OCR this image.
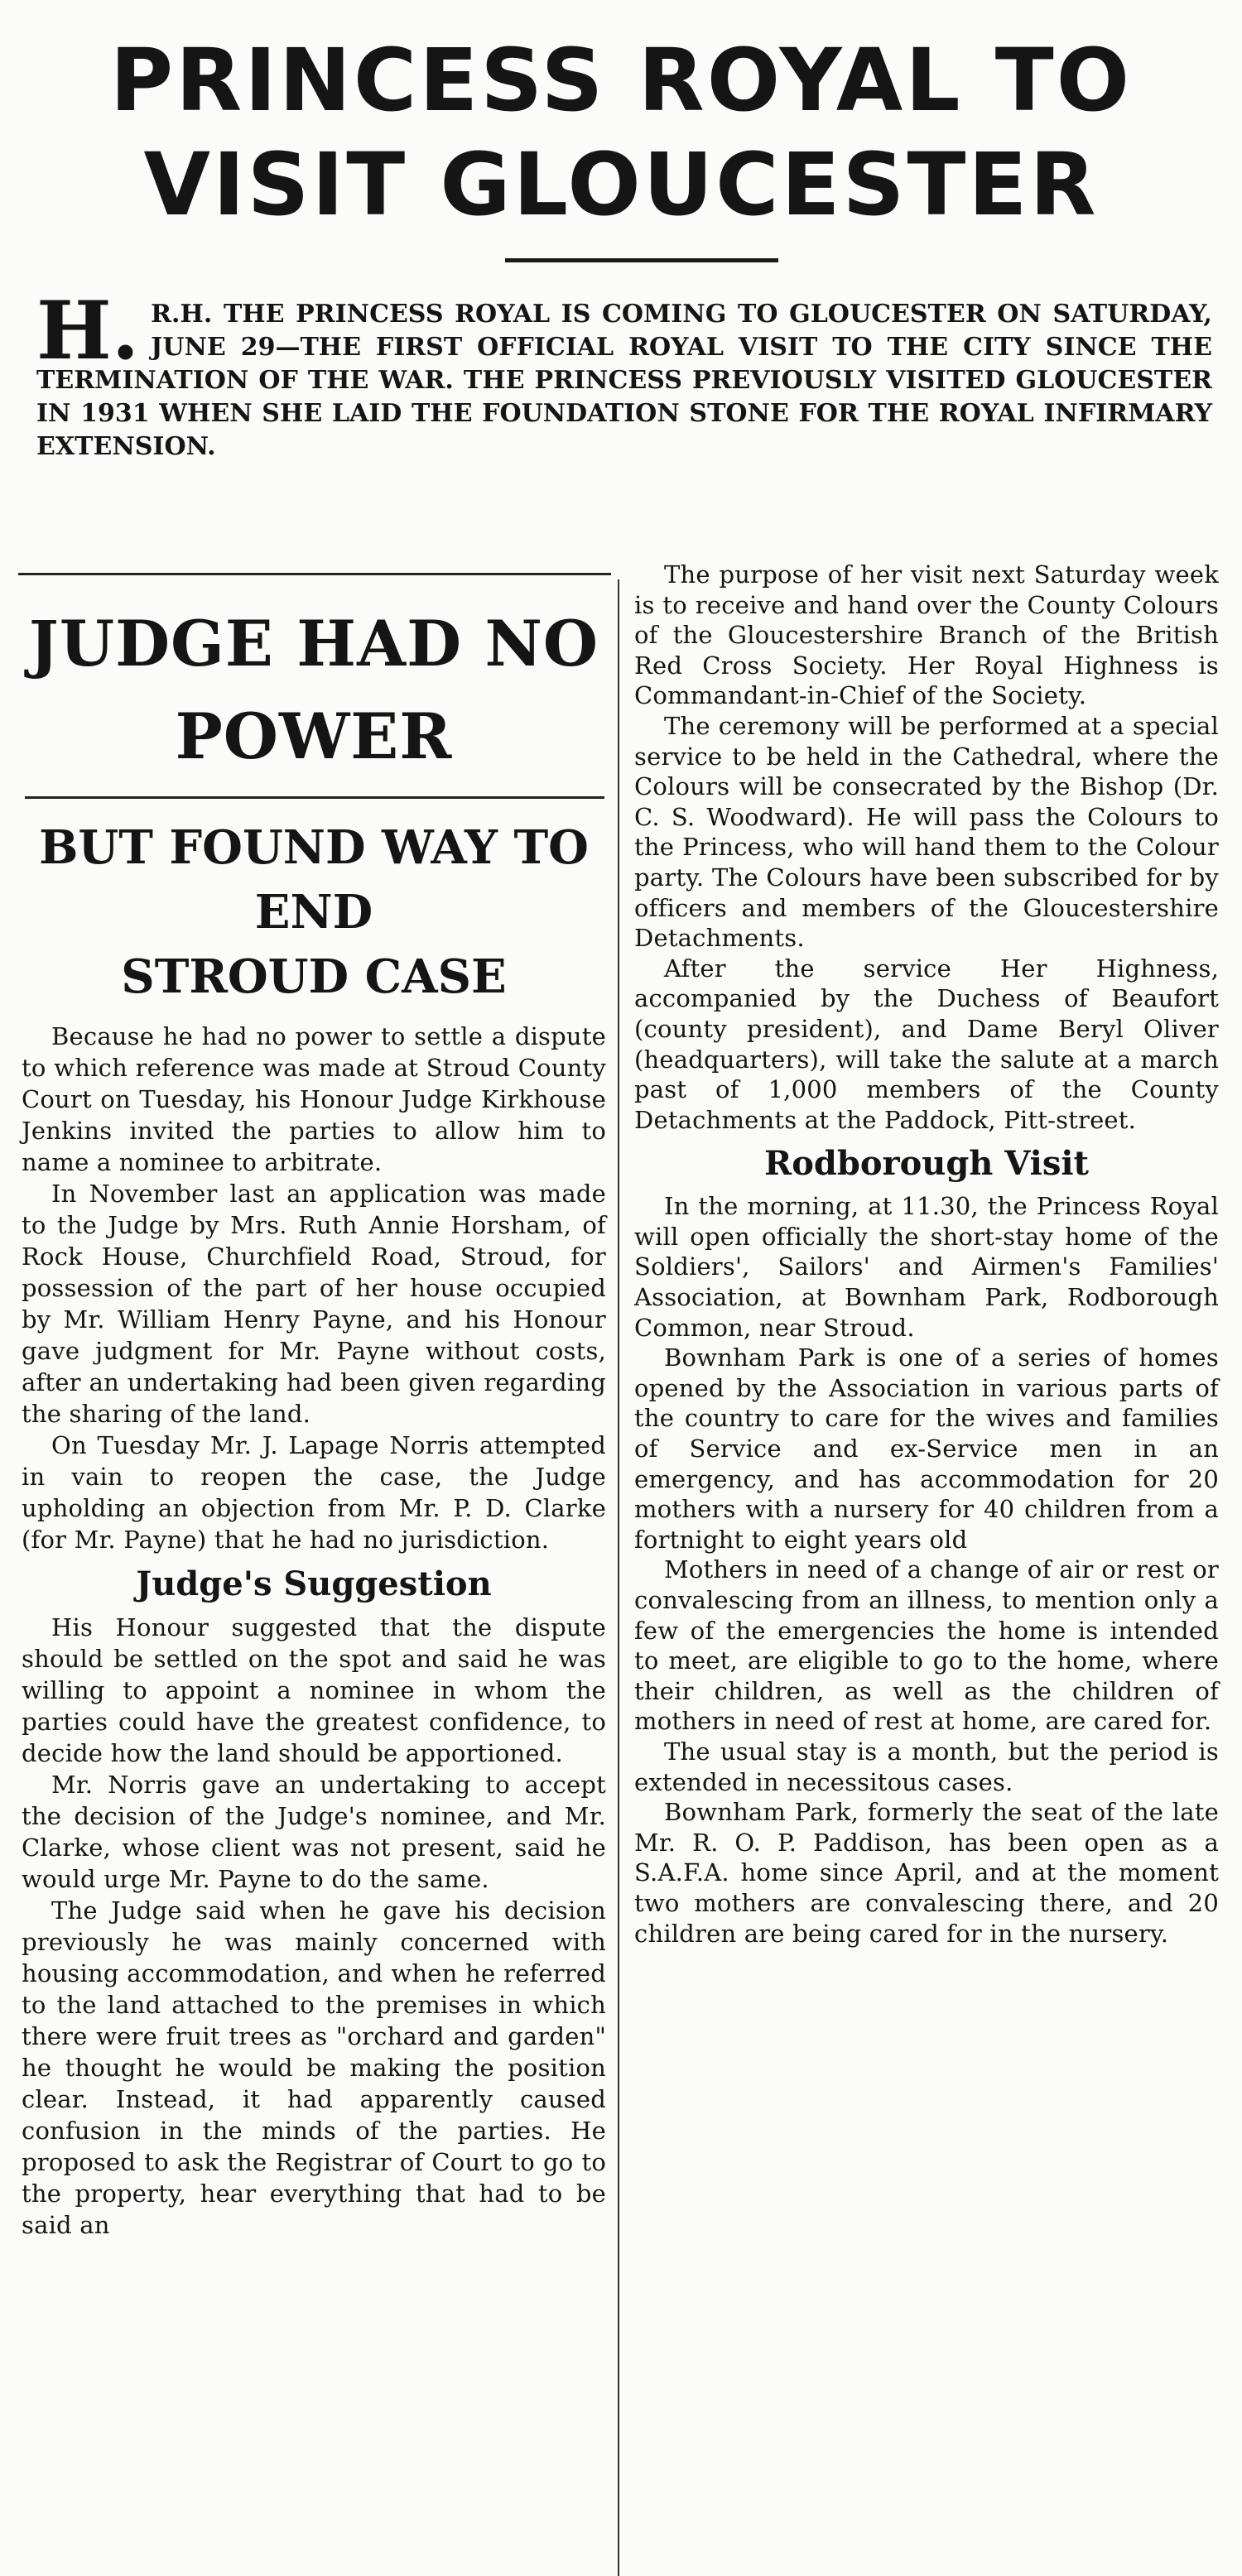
PRINCESS ROYAL TO
VISIT GLOUCESTER
H. R.H. THE PRINCESS ROYAL IS COMING TO GLOUCESTER ON SATURDAY, JUNE 29—THE FIRST OFFICIAL ROYAL VISIT TO THE CITY SINCE THE TERMINATION OF THE WAR. THE PRINCESS PREVIOUSLY VISITED GLOUCESTER IN 1931 WHEN SHE LAID THE FOUNDATION STONE FOR THE ROYAL INFIRMARY EXTENSION.
JUDGE HAD NO
POWER
BUT FOUND WAY TO END
STROUD CASE

Because he had no power to settle a dispute to which reference was made at Stroud County Court on Tuesday, his Honour Judge Kirkhouse Jenkins invited the parties to allow him to name a nominee to arbitrate.

In November last an application was made to the Judge by Mrs. Ruth Annie Horsham, of Rock House, Churchfield Road, Stroud, for possession of the part of her house occupied by Mr. William Henry Payne, and his Honour gave judgment for Mr. Payne without costs, after an undertaking had been given regarding the sharing of the land.

On Tuesday Mr. J. Lapage Norris attempted in vain to reopen the case, the Judge upholding an objection from Mr. P. D. Clarke (for Mr. Payne) that he had no jurisdiction.

Judge's Suggestion

His Honour suggested that the dispute should be settled on the spot and said he was willing to appoint a nominee in whom the parties could have the greatest confidence, to decide how the land should be apportioned.

Mr. Norris gave an undertaking to accept the decision of the Judge's nominee, and Mr. Clarke, whose client was not present, said he would urge Mr. Payne to do the same.

The Judge said when he gave his decision previously he was mainly concerned with housing accommodation, and when he referred to the land attached to the premises in which there were fruit trees as "orchard and garden" he thought he would be making the position clear. Instead, it had apparently caused confusion in the minds of the parties. He proposed to ask the Registrar of Court to go to the property, hear everything that had to be said an

The purpose of her visit next Saturday week is to receive and hand over the County Colours of the Gloucestershire Branch of the British Red Cross Society. Her Royal Highness is Commandant-in-Chief of the Society.

The ceremony will be performed at a special service to be held in the Cathedral, where the Colours will be consecrated by the Bishop (Dr. C. S. Woodward). He will pass the Colours to the Princess, who will hand them to the Colour party. The Colours have been subscribed for by officers and members of the Gloucestershire Detachments.

After the service Her Highness, accompanied by the Duchess of Beaufort (county president), and Dame Beryl Oliver (headquarters), will take the salute at a march past of 1,000 members of the County Detachments at the Paddock, Pitt-street.

Rodborough Visit

In the morning, at 11.30, the Princess Royal will open officially the short-stay home of the Soldiers', Sailors' and Airmen's Families' Association, at Bownham Park, Rodborough Common, near Stroud.

Bownham Park is one of a series of homes opened by the Association in various parts of the country to care for the wives and families of Service and ex-Service men in an emergency, and has accommodation for 20 mothers with a nursery for 40 children from a fortnight to eight years old

Mothers in need of a change of air or rest or convalescing from an illness, to mention only a few of the emergencies the home is intended to meet, are eligible to go to the home, where their children, as well as the children of mothers in need of rest at home, are cared for.

The usual stay is a month, but the period is extended in necessitous cases.

Bownham Park, formerly the seat of the late Mr. R. O. P. Paddison, has been open as a S.A.F.A. home since April, and at the moment two mothers are convalescing there, and 20 children are being cared for in the nursery.
